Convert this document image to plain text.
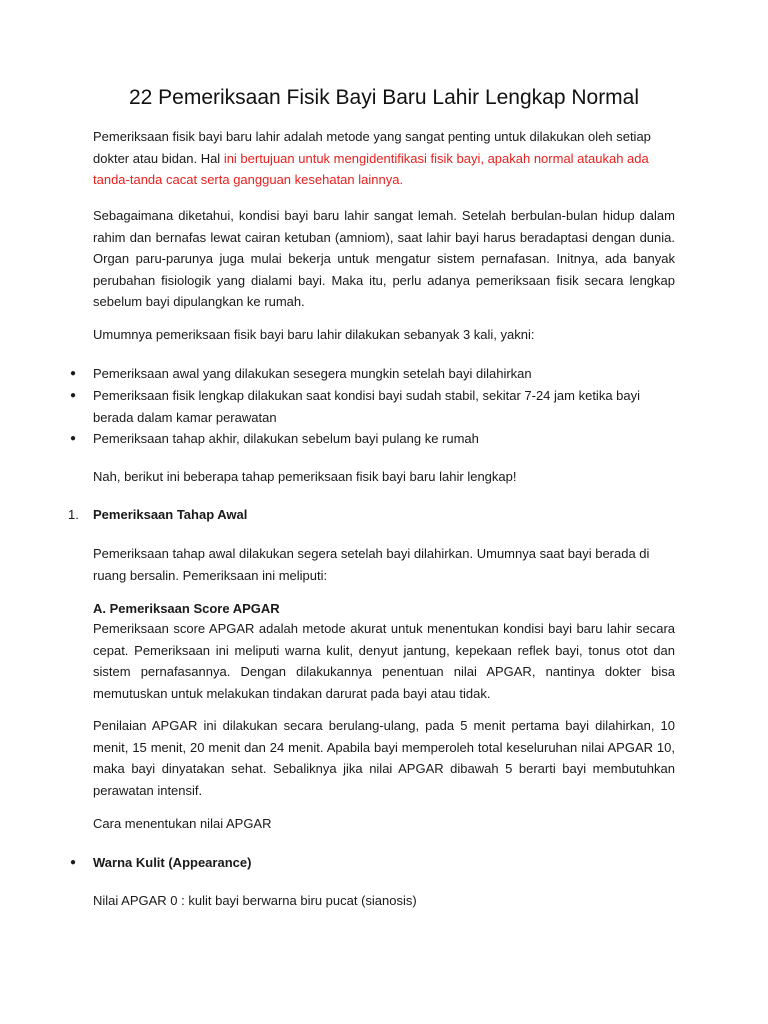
22 Pemeriksaan Fisik Bayi Baru Lahir Lengkap Normal

Pemeriksaan fisik bayi baru lahir adalah metode yang sangat penting untuk dilakukan oleh setiap dokter atau bidan. Hal ini bertujuan untuk mengidentifikasi fisik bayi, apakah normal ataukah ada tanda-tanda cacat serta gangguan kesehatan lainnya.

Sebagaimana diketahui, kondisi bayi baru lahir sangat lemah. Setelah berbulan-bulan hidup dalam rahim dan bernafas lewat cairan ketuban (amniom), saat lahir bayi harus beradaptasi dengan dunia. Organ paru-parunya juga mulai bekerja untuk mengatur sistem pernafasan. Initnya, ada banyak perubahan fisiologik yang dialami bayi. Maka itu, perlu adanya pemeriksaan fisik secara lengkap sebelum bayi dipulangkan ke rumah.

Umumnya pemeriksaan fisik bayi baru lahir dilakukan sebanyak 3 kali, yakni:

● Pemeriksaan awal yang dilakukan sesegera mungkin setelah bayi dilahirkan

● Pemeriksaan fisik lengkap dilakukan saat kondisi bayi sudah stabil, sekitar 7-24 jam ketika bayi berada dalam kamar perawatan

● Pemeriksaan tahap akhir, dilakukan sebelum bayi pulang ke rumah

Nah, berikut ini beberapa tahap pemeriksaan fisik bayi baru lahir lengkap!

1. Pemeriksaan Tahap Awal

Pemeriksaan tahap awal dilakukan segera setelah bayi dilahirkan. Umumnya saat bayi berada di ruang bersalin. Pemeriksaan ini meliputi:

A. Pemeriksaan Score APGAR

Pemeriksaan score APGAR adalah metode akurat untuk menentukan kondisi bayi baru lahir secara cepat. Pemeriksaan ini meliputi warna kulit, denyut jantung, kepekaan reflek bayi, tonus otot dan sistem pernafasannya. Dengan dilakukannya penentuan nilai APGAR, nantinya dokter bisa memutuskan untuk melakukan tindakan darurat pada bayi atau tidak.

Penilaian APGAR ini dilakukan secara berulang-ulang, pada 5 menit pertama bayi dilahirkan, 10 menit, 15 menit, 20 menit dan 24 menit. Apabila bayi memperoleh total keseluruhan nilai APGAR 10, maka bayi dinyatakan sehat. Sebaliknya jika nilai APGAR dibawah 5 berarti bayi membutuhkan perawatan intensif.

Cara menentukan nilai APGAR

● Warna Kulit (Appearance)

Nilai APGAR 0 : kulit bayi berwarna biru pucat (sianosis)
